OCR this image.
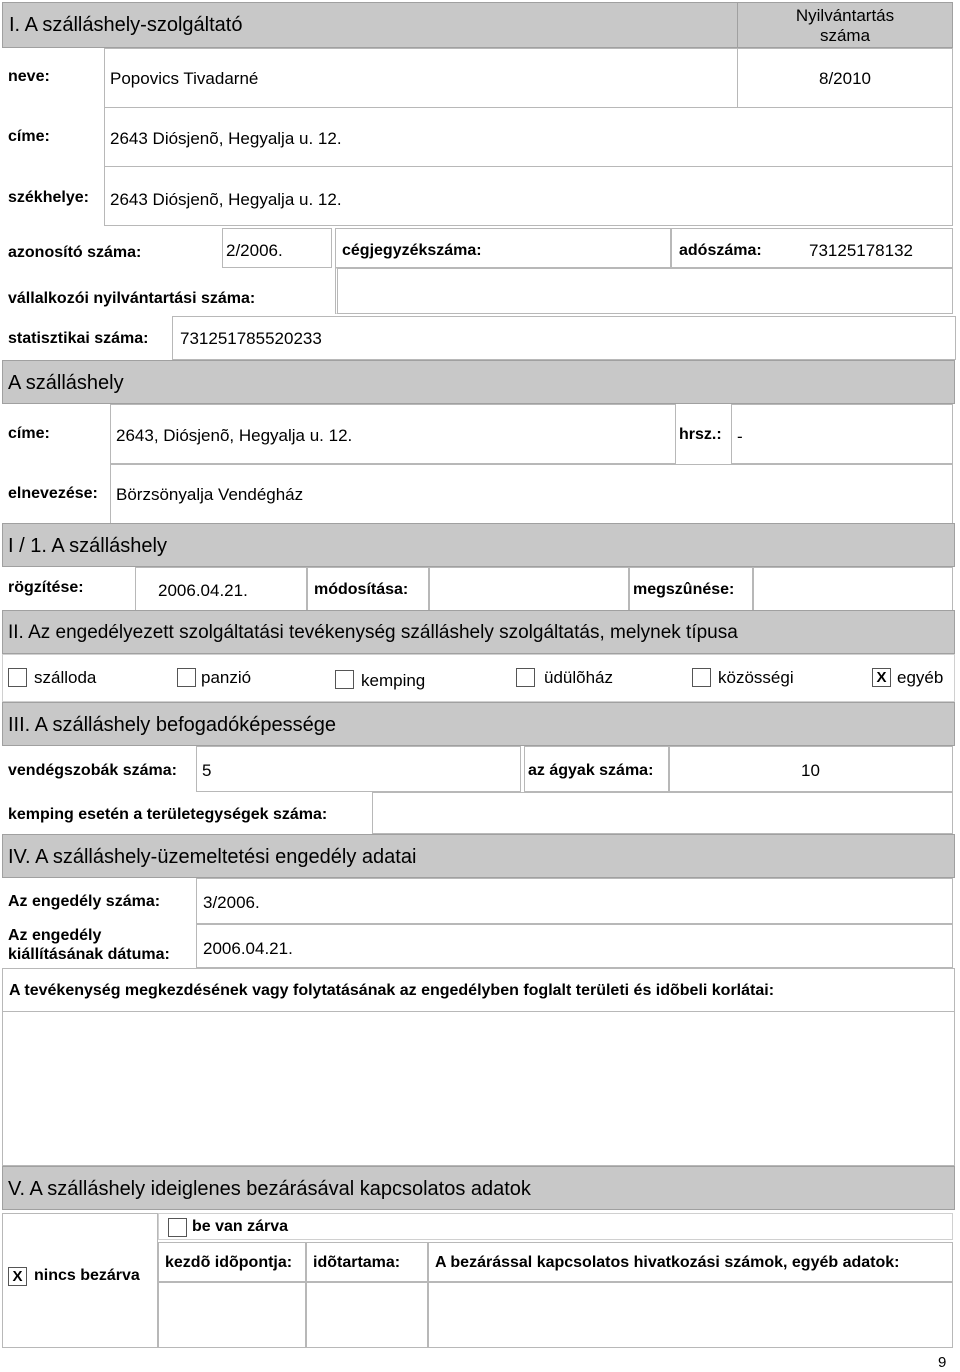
I. A szálláshely-szolgáltató	Nyilvántartás
száma
neve:	Popovics Tivadarné	8/2010
címe:	2643 Diósjenõ, Hegyalja u. 12.
székhelye: 2643 Diósjenõ, Hegyalja u. 12.
azonosító száma:	2/2006.	cégjegyzékszáma:	adószáma:	73125178132
vállalkozói nyilvántartási száma:
statisztikai száma: 731251785520233
A szálláshely
címe:	2643, Diósjenõ, Hegyalja u. 12.	hrsz.: -
elnevezése: Börzsönyalja Vendégház
I / 1. A szálláshely
rögzítése:	2006.04.21.	módosítása:	megszûnése:
II. Az engedélyezett szolgáltatási tevékenység szálláshely szolgáltatás, melynek típusa
szálloda	panzió	kemping	üdülõház	közösségi	X egyéb
III. A szálláshely befogadóképessége
vendégszobák száma: 5	az ágyak száma:	10
kemping esetén a területegységek száma:
IV. A szálláshely-üzemeltetési engedély adatai
Az engedély száma:	3/2006.
Az engedély
kiállításának dátuma: 2006.04.21.
A tevékenység megkezdésének vagy folytatásának az engedélyben foglalt területi és idõbeli korlátai:
V. A szálláshely ideiglenes bezárásával kapcsolatos adatok
X nincs bezárva
be van zárva
kezdõ idõpontja: idõtartama: A bezárással kapcsolatos hivatkozási számok, egyéb adatok:
9
